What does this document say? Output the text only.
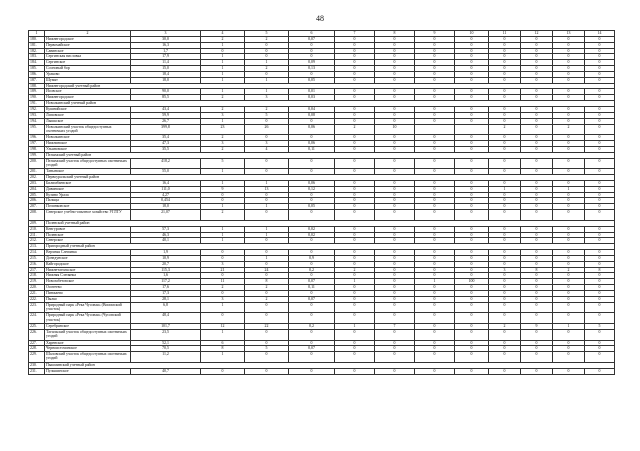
48
1	2	3	4	5	6	7	8	9	10	11	12	13	14
180.	Нижнегородское	30,0	2	2	0,07	0	0	0	0	0	0	0	0
181.	Первомайское	16,3	1	0	0	0	0	0	0	0	0	0	0
182.	Савинское	1,7	0	0	0	0	0	0	0	0	0	0	0
183.	Сергинская висловка	17,9	1	0	0	0	0	0	0	0	0	0	0
184.	Сергинское	11,4	1	1	0,09	0	0	0	0	0	0	0	0
185.	Сосновый бор	15,0	1	2	0,13	0	0	0	0	0	0	0	0
186.	Ураково	18,4	1	0	0	0	0	0	0	0	0	0	0
187.	Шумят	18,0	1	1	0,05	0	0	0	0	0	0	0	0
188.	Нижнегородский учетный район												
189.	Исовское	90,0	1	1	0,01	0	0	0	0	0	0	0	0
190.	Нижнегородское	85,5	2	3	0,03	0	0	0	0	0	0	0	0
191.	Новольинский учетный район												
192.	Кушнийское	43,4	2	2	0,04	0	0	0	0	0	0	0	0
193.	Липовское	59,9	3	5	0,08	0	0	0	0	0	0	0	0
194.	Лышкское	26,7	1	0	0	0	0	0	0	0	0	0	0
195.	Новольинский участок общедоступных охотничьих угодий	399,8	23	26	0,06	2	10			2	0	2	0
196.	Новольинское	35,4	2	0	0	0	0	0	0	0	0	0	0
197.	Нижнинское	47,3	3	3	0,06	0	0	0	0	0	0	0	0
198.	Ульяновское	35,5	2	4	0,11	0	0	0	0	0	0	0	0
199.	Пелымский учетный район												
200.	Пелымский участок общедоступных охотничьих угодий	418,2	5	0	0	0	0	0	0	0	0	0	0
201.	Танынское	55,0	1	0	0	0	0	0	0	0	0	0	0
202.	Первоуральский учетный район												
203.	Билимбаевское	16,4	1	1	0,06	0	0	0	0	0	0	0	0
204.	Дивинское	111,0	9	13	0,12	0	0	0	0	1	0	1	0
205.	Кузино Урала	4,27	0	0	0	0	0	0	0	0	0	0	0
206.	Пальцы	0,454	0	0	0	0	0	0	0	0	0	0	0
207.	Починковское	18,0	1	1	0,05	0	0	0	0	0	0	0	0
208.	Северское учебно-опытное хозяйство УГЛТУ	21,07	2	0	0	0	0	0	0	0	0	0	0
209.	Полевской учетный район												
210.	Кенгуровое	57,3	1	1	0,02	0	0	0	0	0	0	0	0
211.	Полевское	46,3	1	1	0,02	0	0	0	0	0	0	0	0
212.	Северское	40,1	1	0	0	0	0	0	0	0	0	0	0
213.	Пригородный учетный район												
214.	Верхняя Слепянка	1,9	0	0	0	0	0	0	0	0	0	0	0
215.	Донедунское	10,9	0	1	0,9	0	0	0	0	0	0	0	0
216.	Кайгородское	20,7	3	0	0	0	0	0	0	0	0	0	0
217.	Нижнетагильское	115,3	21	24	0,2	2	0	0	0	3	8	2	8
218.	Нижняя Слепянка	1,6	0	0	0	0	0	0	0	0	0	0	0
219.	Новозабетовское	117,2	11	8	0,07	1	0	1	100	0	0	0	0
220.	Оситеево	17,6	2	2	0,11	0	0	0	0	0	0	0	0
221.	Пинжаево	17,3	0	0	0	0	0	0	0	0	0	0	0
222.	Пылко	28,1	3	2	0,07	0	0	0	0	0	0	0	0
223.	Природный парк «Река Чусовая» (Висимский участок)	6,8	1	0	0	0	0	0	0	0	0	0	0
224.	Природный парк «Река Чусовая» (Чусовский участок)	48,4	0	0	0	0	0	0	0	0	0	0	0
225.	Серебрянское	101,7	12	22	0,2	1	7	0	0	2	9	1	5
226.	Тагильский участок общедоступных охотничьих угодий	23,5	1	0	0	0	0	0	0	0	0	0	0
227.	Харенское	52,1	6	0	0	0	0	0	0	0	0	0	0
228.	Черноисточинское	70,5	8	5	0,07	0	0	0	0	0	0	0	0
229.	Шаловский участок общедоступных охотничьих угодий	11,2	1	0	0	0	0	0	0	0	0	0	0
230.	Пышминский учетный район												
231.	Пульшинское	40,7	0	0	0	0	0	0	0	0	0	0	0
